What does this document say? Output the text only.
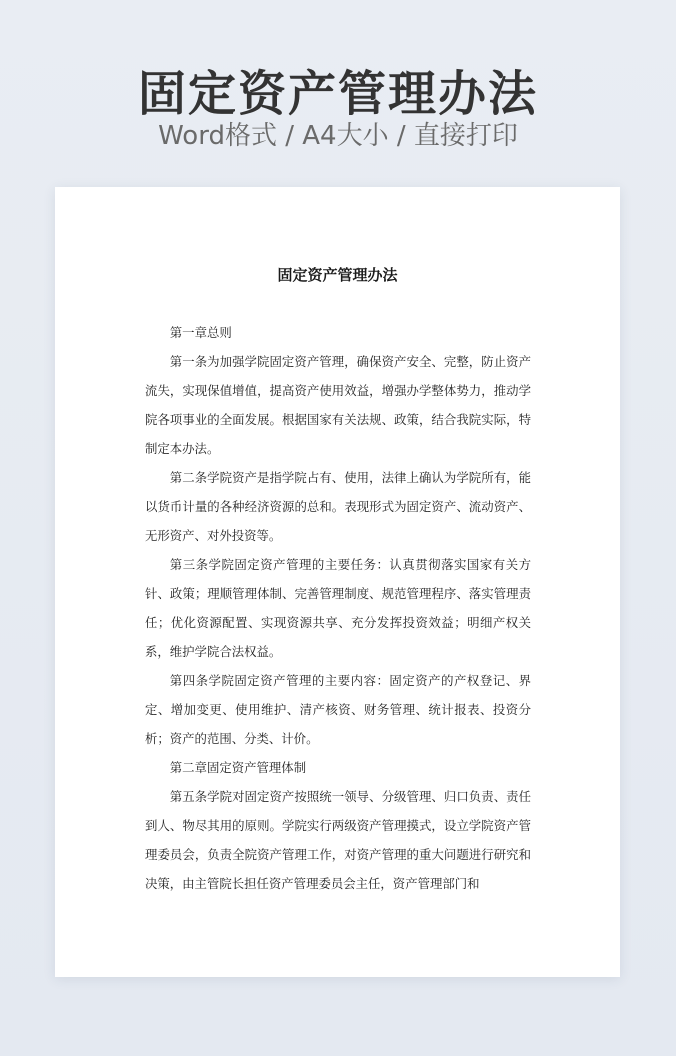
固定资产管理办法
Word格式 / A4大小 / 直接打印
固定资产管理办法

第一章总则

第一条为加强学院固定资产管理，确保资产安全、完整，防止资产流失，实现保值增值，提高资产使用效益，增强办学整体势力，推动学院各项事业的全面发展。根据国家有关法规、政策，结合我院实际，特制定本办法。

第二条学院资产是指学院占有、使用，法律上确认为学院所有，能以货币计量的各种经济资源的总和。表现形式为固定资产、流动资产、无形资产、对外投资等。

第三条学院固定资产管理的主要任务：认真贯彻落实国家有关方针、政策；理顺管理体制、完善管理制度、规范管理程序、落实管理责任；优化资源配置、实现资源共享、充分发挥投资效益；明细产权关系，维护学院合法权益。

第四条学院固定资产管理的主要内容：固定资产的产权登记、界定、增加变更、使用维护、清产核资、财务管理、统计报表、投资分析；资产的范围、分类、计价。

第二章固定资产管理体制

第五条学院对固定资产按照统一领导、分级管理、归口负责、责任到人、物尽其用的原则。学院实行两级资产管理摸式，设立学院资产管理委员会，负责全院资产管理工作，对资产管理的重大问题进行研究和决策，由主管院长担任资产管理委员会主任，资产管理部门和
